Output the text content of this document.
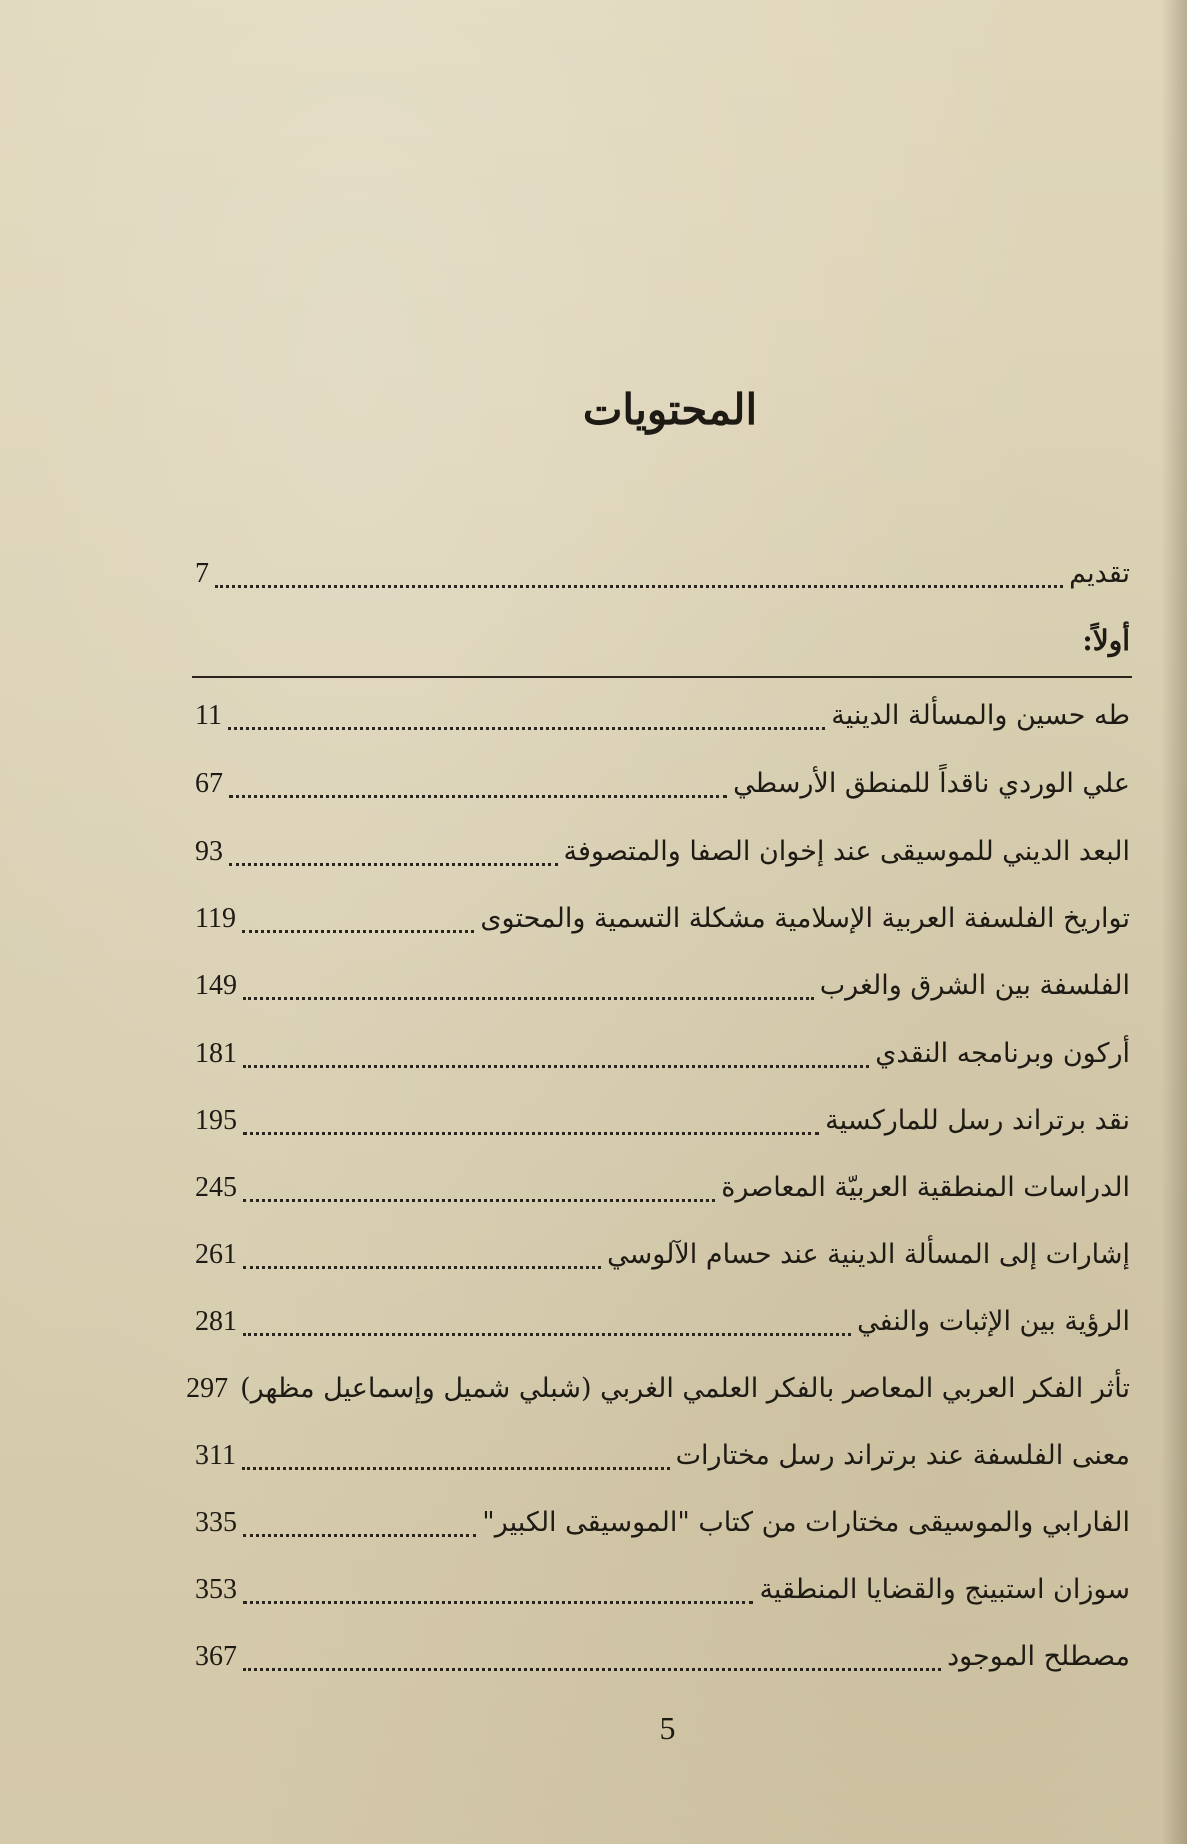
المحتويات
تقديم
7
أولاً:
طه حسين والمسألة الدينية
11
علي الوردي ناقداً للمنطق الأرسطي
67
البعد الديني للموسيقى عند إخوان الصفا والمتصوفة
93
تواريخ الفلسفة العربية الإسلامية مشكلة التسمية والمحتوى
119
الفلسفة بين الشرق والغرب
149
أركون وبرنامجه النقدي
181
نقد برتراند رسل للماركسية
195
الدراسات المنطقية العربيّة المعاصرة
245
إشارات إلى المسألة الدينية عند حسام الآلوسي
261
الرؤية بين الإثبات والنفي
281
تأثر الفكر العربي المعاصر بالفكر العلمي الغربي (شبلي شميل وإسماعيل مظهر)
297
معنى الفلسفة عند برتراند رسل مختارات
311
الفارابي والموسيقى مختارات من كتاب "الموسيقى الكبير"
335
سوزان استبينج والقضايا المنطقية
353
مصطلح الموجود
367
5
